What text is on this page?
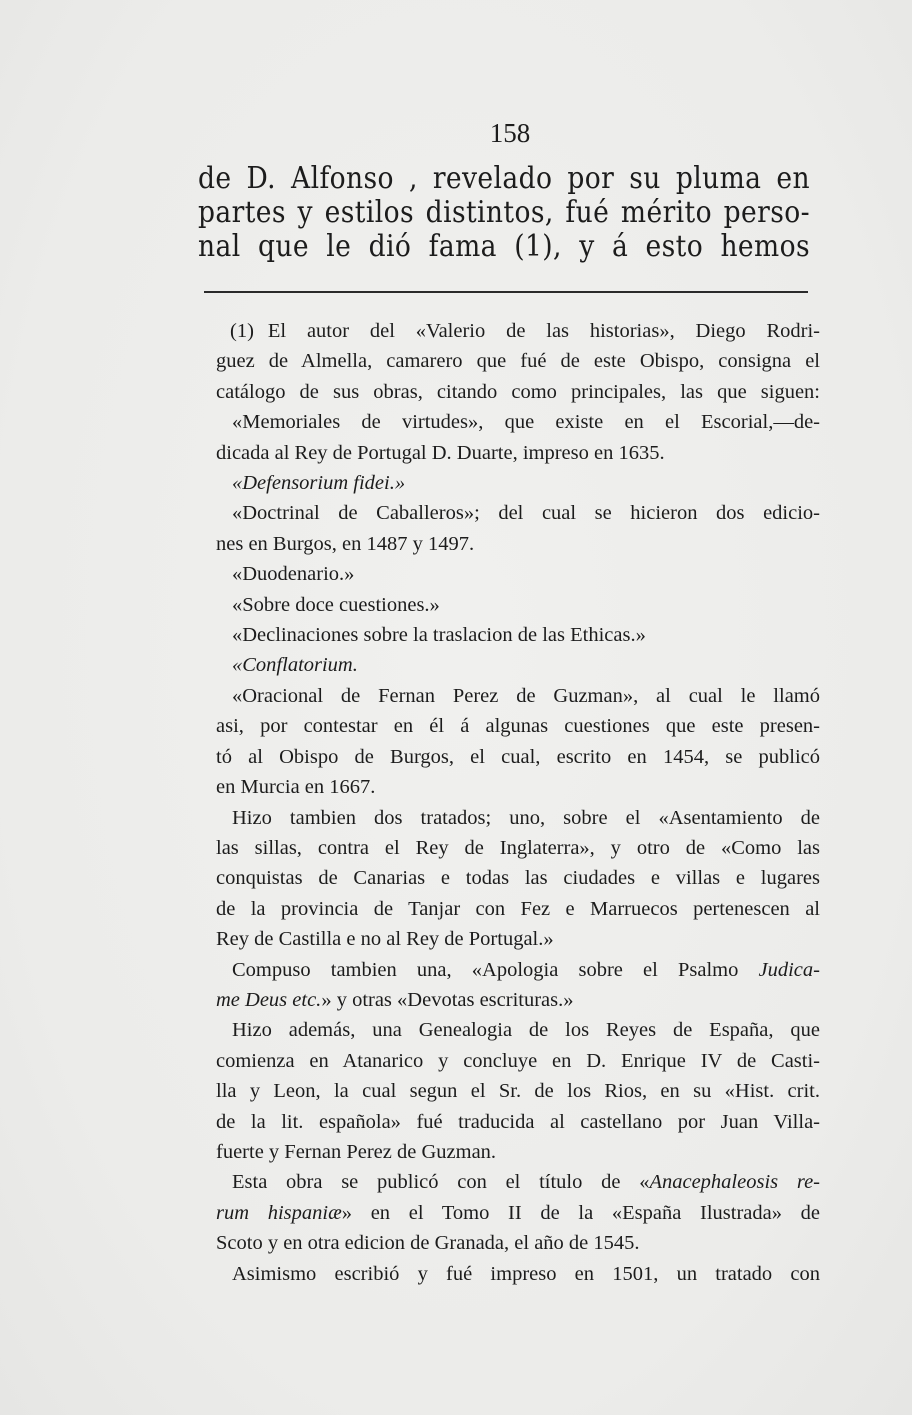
158
de D. Alfonso , revelado por su pluma en
partes y estilos distintos, fué mérito perso-
nal que le dió fama (1), y á esto hemos
(1) El autor del «Valerio de las historias», Diego Rodri-
guez de Almella, camarero que fué de este Obispo, consigna el
catálogo de sus obras, citando como principales, las que siguen:
«Memoriales de virtudes», que existe en el Escorial,—de-
dicada al Rey de Portugal D. Duarte, impreso en 1635.
«Defensorium fidei.»
«Doctrinal de Caballeros»; del cual se hicieron dos edicio-
nes en Burgos, en 1487 y 1497.
«Duodenario.»
«Sobre doce cuestiones.»
«Declinaciones sobre la traslacion de las Ethicas.»
«Conflatorium.
«Oracional de Fernan Perez de Guzman», al cual le llamó
asi, por contestar en él á algunas cuestiones que este presen-
tó al Obispo de Burgos, el cual, escrito en 1454, se publicó
en Murcia en 1667.
Hizo tambien dos tratados; uno, sobre el «Asentamiento de
las sillas, contra el Rey de Inglaterra», y otro de «Como las
conquistas de Canarias e todas las ciudades e villas e lugares
de la provincia de Tanjar con Fez e Marruecos pertenescen al
Rey de Castilla e no al Rey de Portugal.»
Compuso tambien una, «Apologia sobre el Psalmo Judica-
me Deus etc.» y otras «Devotas escrituras.»
Hizo además, una Genealogia de los Reyes de España, que
comienza en Atanarico y concluye en D. Enrique IV de Casti-
lla y Leon, la cual segun el Sr. de los Rios, en su «Hist. crit.
de la lit. española» fué traducida al castellano por Juan Villa-
fuerte y Fernan Perez de Guzman.
Esta obra se publicó con el título de «Anacephaleosis re-
rum hispaniæ» en el Tomo II de la «España Ilustrada» de
Scoto y en otra edicion de Granada, el año de 1545.
Asimismo escribió y fué impreso en 1501, un tratado con
